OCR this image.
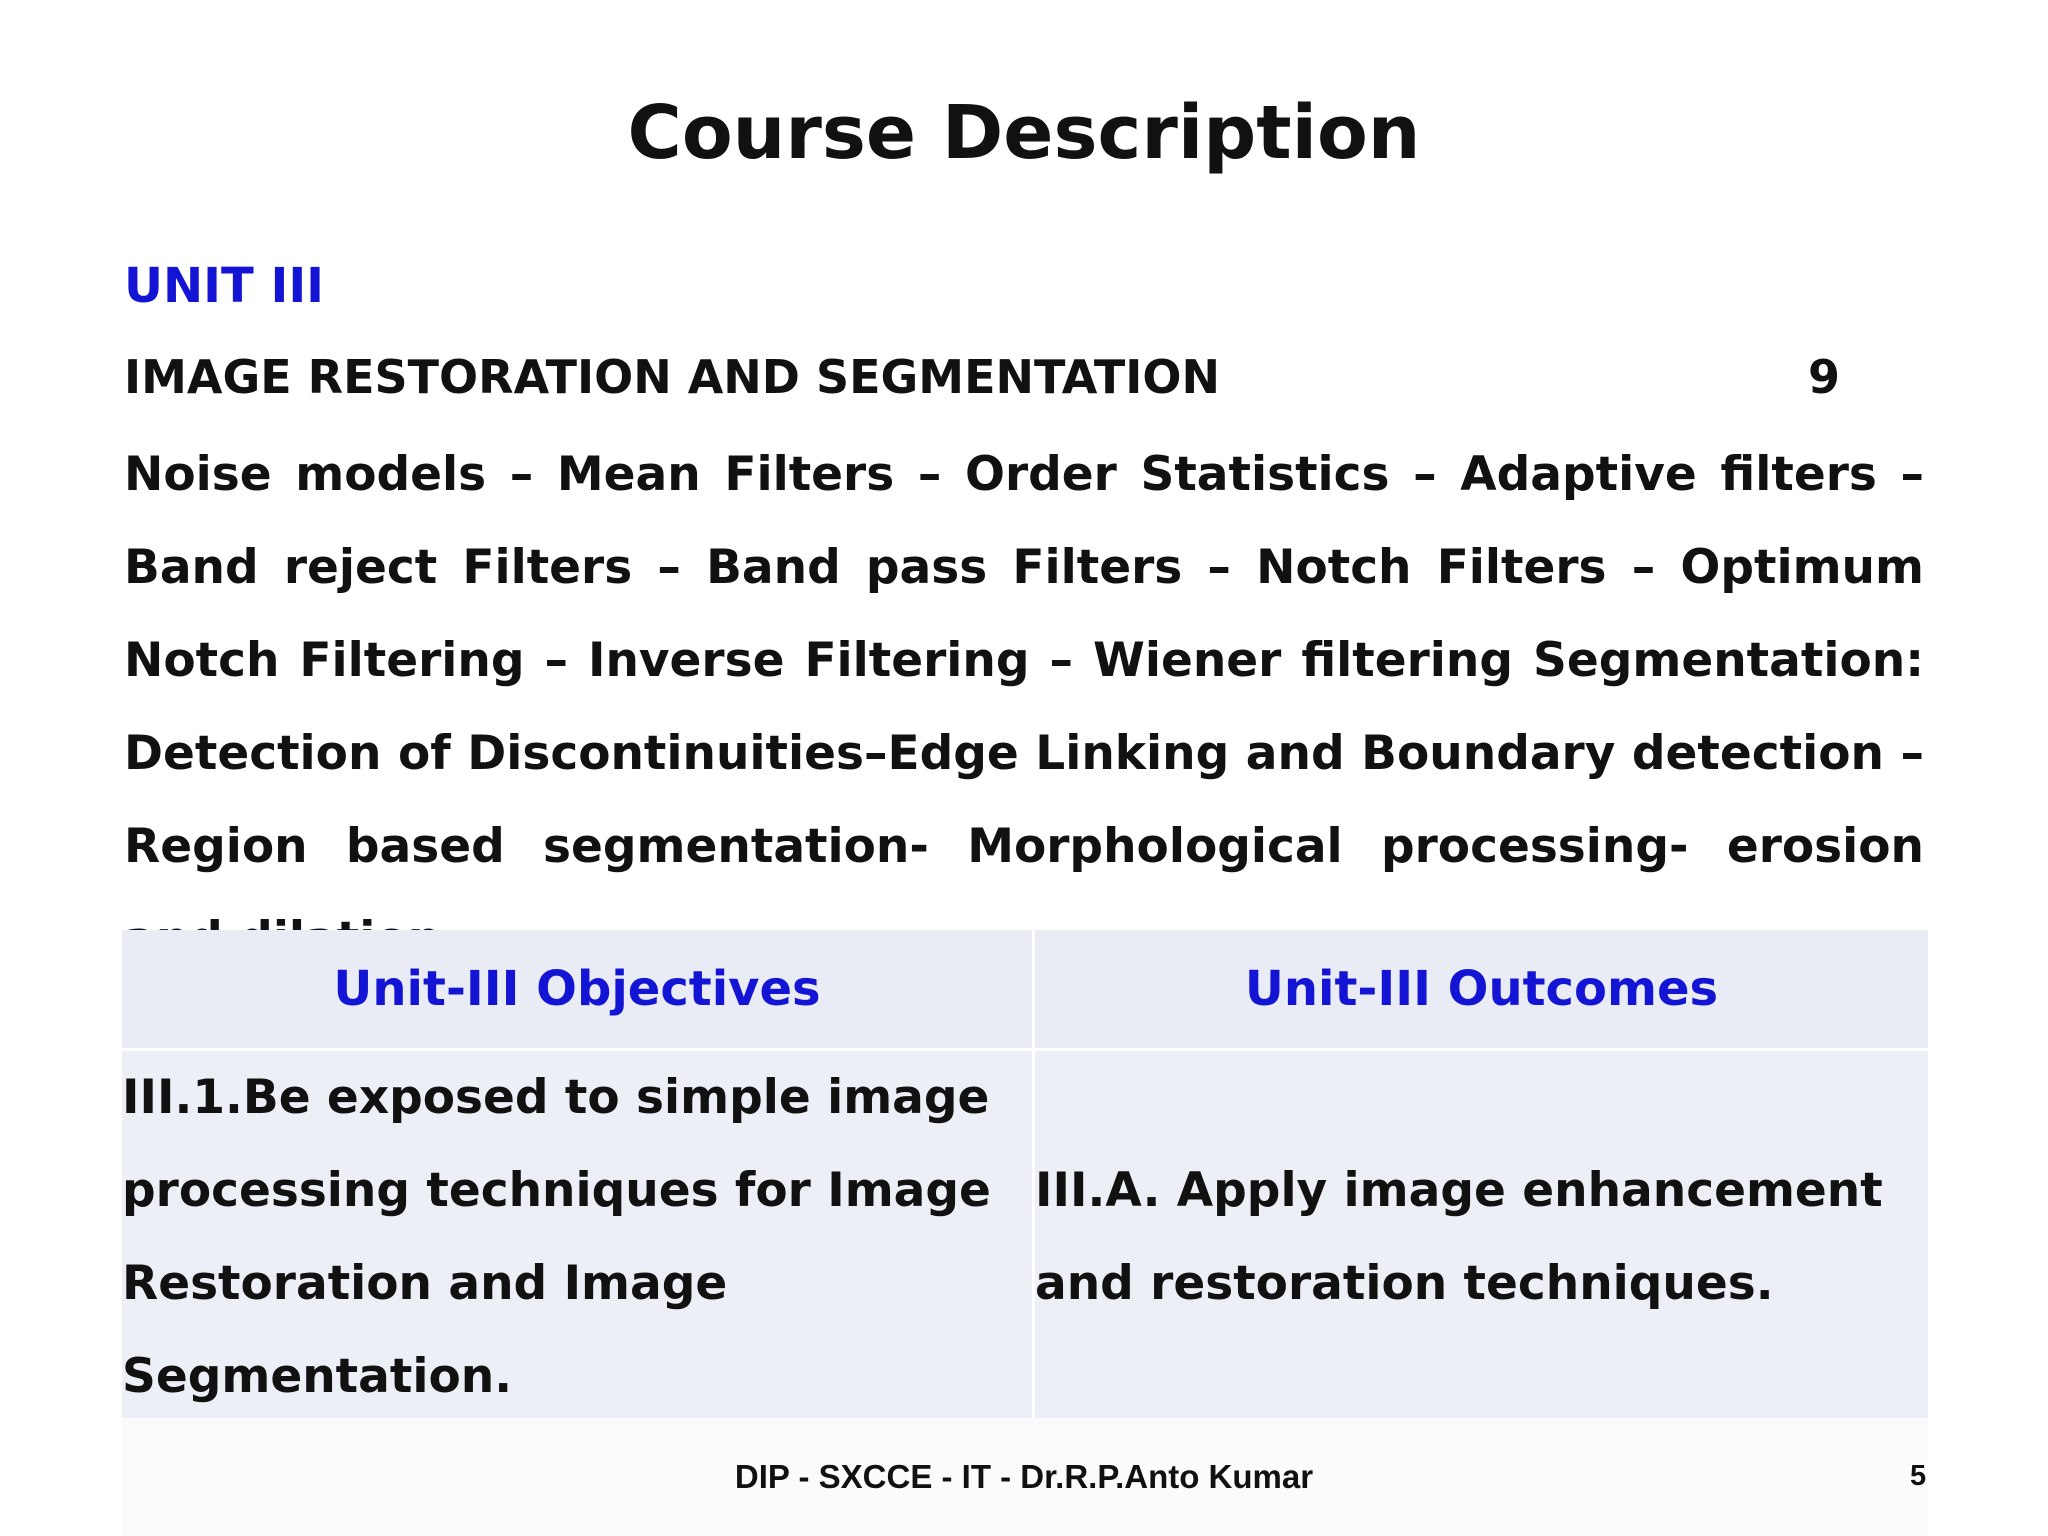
Course Description
UNIT III
IMAGE RESTORATION AND SEGMENTATION	9
Noise models – Mean Filters – Order Statistics – Adaptive filters – Band reject Filters – Band pass Filters – Notch Filters – Optimum Notch Filtering – Inverse Filtering – Wiener filtering Segmentation: Detection of Discontinuities–Edge Linking and Boundary detection – Region based segmentation- Morphological processing- erosion
Unit-III Objectives	Unit-III Outcomes
III.1.Be exposed to simple image processing techniques for Image Restoration and Image Segmentation.	III.A. Apply image enhancement and restoration techniques.
DIP - SXCCE - IT - Dr.R.P.Anto Kumar	5
